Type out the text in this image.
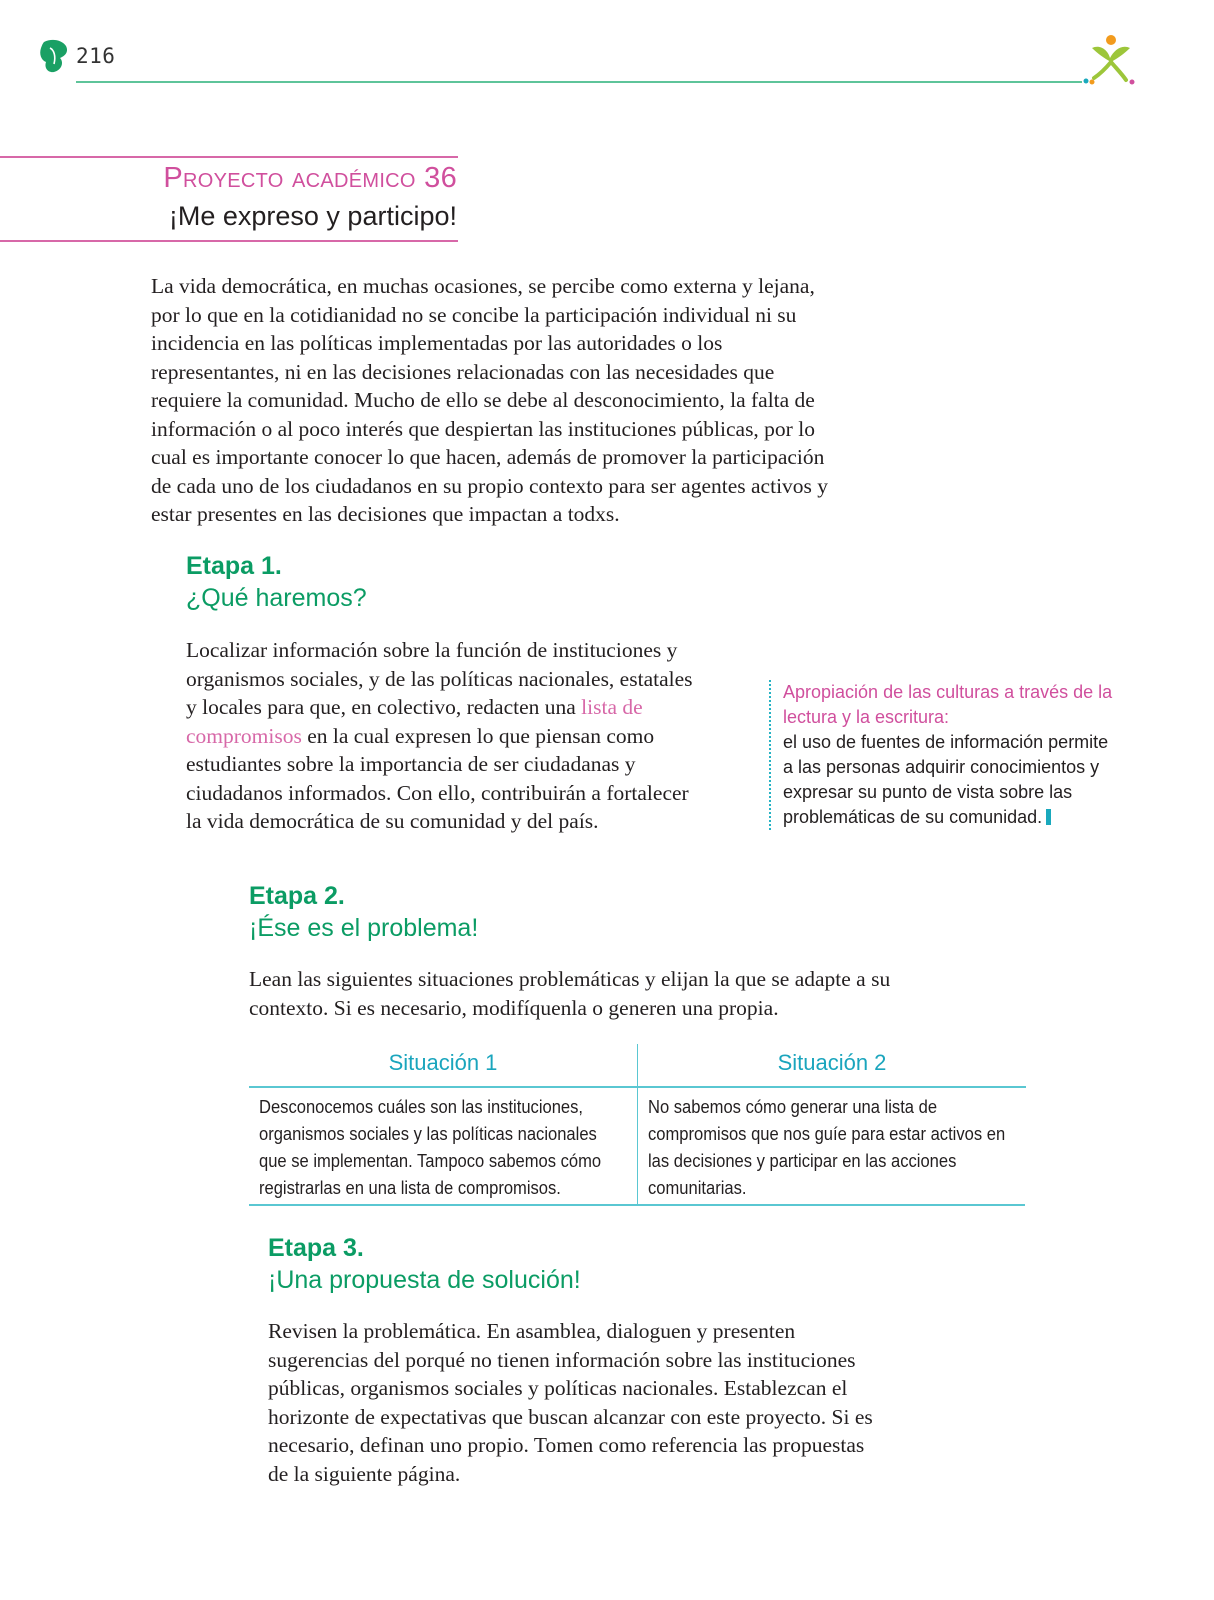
216
Proyecto académico 36
¡Me expreso y participo!

La vida democrática, en muchas ocasiones, se percibe como externa y lejana, por lo que en la cotidianidad no se concibe la participación individual ni su incidencia en las políticas implementadas por las autoridades o los representantes, ni en las decisiones relacionadas con las necesidades que requiere la comunidad. Mucho de ello se debe al desconocimiento, la falta de información o al poco interés que despiertan las instituciones públicas, por lo cual es importante conocer lo que hacen, además de promover la participación de cada uno de los ciudadanos en su propio contexto para ser agentes activos y estar presentes en las decisiones que impactan a todxs.

Etapa 1.

¿Qué haremos?

Localizar información sobre la función de instituciones y organismos sociales, y de las políticas nacionales, estatales y locales para que, en colectivo, redacten una lista de compromisos en la cual expresen lo que piensan como estudiantes sobre la importancia de ser ciudadanas y ciudadanos informados. Con ello, contribuirán a fortalecer la vida democrática de su comunidad y del país.

Apropiación de las culturas a través de la lectura y la escritura:

el uso de fuentes de información permite a las personas adquirir conocimientos y expresar su punto de vista sobre las problemáticas de su comunidad.

Etapa 2.

¡Ése es el problema!

Lean las siguientes situaciones problemáticas y elijan la que se adapte a su contexto. Si es necesario, modifíquenla o generen una propia.

Situación 1
Desconocemos cuáles son las instituciones, organismos sociales y las políticas nacionales que se implementan. Tampoco sabemos cómo registrarlas en una lista de compromisos.
Situación 2
No sabemos cómo generar una lista de compromisos que nos guíe para estar activos en las decisiones y participar en las acciones comunitarias.

Etapa 3.

¡Una propuesta de solución!

Revisen la problemática. En asamblea, dialoguen y presenten sugerencias del porqué no tienen información sobre las instituciones públicas, organismos sociales y políticas nacionales. Establezcan el horizonte de expectativas que buscan alcanzar con este proyecto. Si es necesario, definan uno propio. Tomen como referencia las propuestas de la siguiente página.
